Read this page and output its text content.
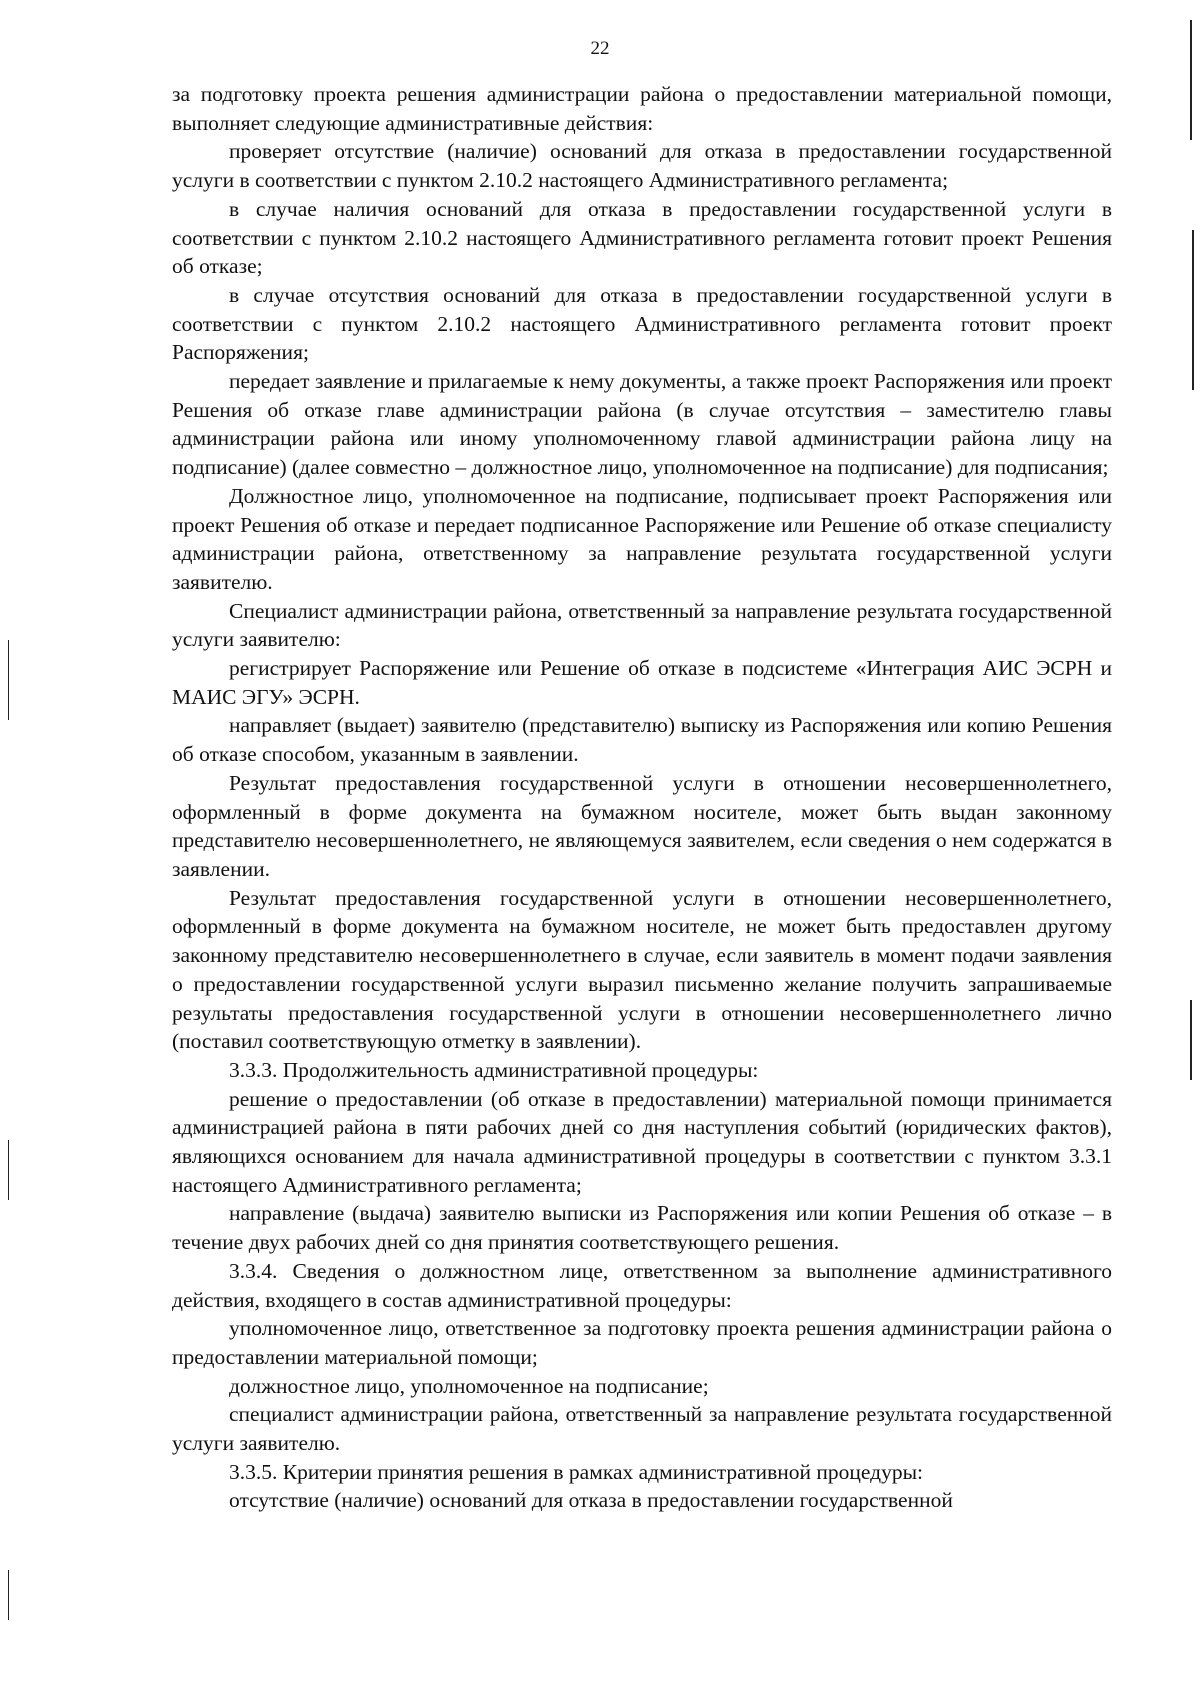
22

за подготовку проекта решения администрации района о предоставлении материальной помощи, выполняет следующие административные действия:

проверяет отсутствие (наличие) оснований для отказа в предоставлении государственной услуги в соответствии с пунктом 2.10.2 настоящего Административного регламента;

в случае наличия оснований для отказа в предоставлении государственной услуги в соответствии с пунктом 2.10.2 настоящего Административного регламента готовит проект Решения об отказе;

в случае отсутствия оснований для отказа в предоставлении государственной услуги в соответствии с пунктом 2.10.2 настоящего Административного регламента готовит проект Распоряжения;

передает заявление и прилагаемые к нему документы, а также проект Распоряжения или проект Решения об отказе главе администрации района (в случае отсутствия – заместителю главы администрации района или иному уполномоченному главой администрации района лицу на подписание) (далее совместно – должностное лицо, уполномоченное на подписание) для подписания;

Должностное лицо, уполномоченное на подписание, подписывает проект Распоряжения или проект Решения об отказе и передает подписанное Распоряжение или Решение об отказе специалисту администрации района, ответственному за направление результата государственной услуги заявителю.

Специалист администрации района, ответственный за направление результата государственной услуги заявителю:

регистрирует Распоряжение или Решение об отказе в подсистеме «Интеграция АИС ЭСРН и МАИС ЭГУ» ЭСРН.

направляет (выдает) заявителю (представителю) выписку из Распоряжения или копию Решения об отказе способом, указанным в заявлении.

Результат предоставления государственной услуги в отношении несовершеннолетнего, оформленный в форме документа на бумажном носителе, может быть выдан законному представителю несовершеннолетнего, не являющемуся заявителем, если сведения о нем содержатся в заявлении.

Результат предоставления государственной услуги в отношении несовершеннолетнего, оформленный в форме документа на бумажном носителе, не может быть предоставлен другому законному представителю несовершеннолетнего в случае, если заявитель в момент подачи заявления о предоставлении государственной услуги выразил письменно желание получить запрашиваемые результаты предоставления государственной услуги в отношении несовершеннолетнего лично (поставил соответствующую отметку в заявлении).

3.3.3. Продолжительность административной процедуры:

решение о предоставлении (об отказе в предоставлении) материальной помощи принимается администрацией района в пяти рабочих дней со дня наступления событий (юридических фактов), являющихся основанием для начала административной процедуры в соответствии с пунктом 3.3.1 настоящего Административного регламента;

направление (выдача) заявителю выписки из Распоряжения или копии Решения об отказе – в течение двух рабочих дней со дня принятия соответствующего решения.

3.3.4. Сведения о должностном лице, ответственном за выполнение административного действия, входящего в состав административной процедуры:

уполномоченное лицо, ответственное за подготовку проекта решения администрации района о предоставлении материальной помощи;

должностное лицо, уполномоченное на подписание;

специалист администрации района, ответственный за направление результата государственной услуги заявителю.

3.3.5. Критерии принятия решения в рамках административной процедуры:

отсутствие (наличие) оснований для отказа в предоставлении государственной
